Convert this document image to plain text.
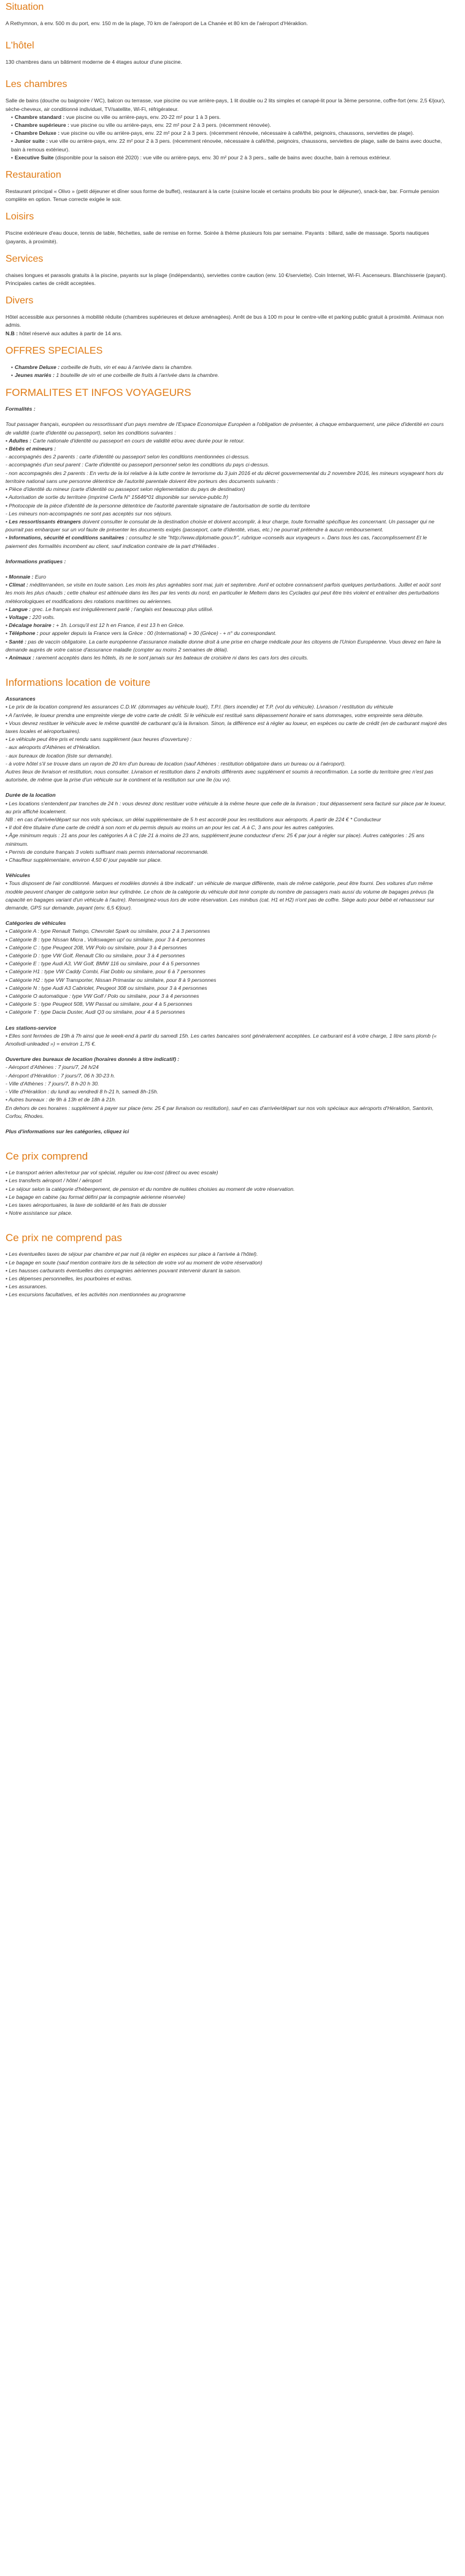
Situation

A Rethymnon, à env. 500 m du port, env. 150 m de la plage, 70 km de l'aéroport de La Chanée et 80 km de l'aéroport d'Héraklion.

L'hôtel

130 chambres dans un bâtiment moderne de 4 étages autour d'une piscine.

Les chambres

Salle de bains (douche ou baignoire / WC), balcon ou terrasse, vue piscine ou vue arrière-pays, 1 lit double ou 2 lits simples et canapé-lit pour la 3ème personne, coffre-fort (env. 2,5 €/jour), sèche-cheveux, air conditionné individuel, TV/satellite, Wi-Fi, réfrigérateur.

• Chambre standard : vue piscine ou ville ou arrière-pays, env. 20-22 m² pour 1 à 3 pers.
• Chambre supérieure : vue piscine ou ville ou arrière-pays, env. 22 m² pour 2 à 3 pers. (récemment rénovée).
• Chambre Deluxe : vue piscine ou ville ou arrière-pays, env. 22 m² pour 2 à 3 pers. (récemment rénovée, nécessaire à café/thé, peignoirs, chaussons, serviettes de plage).
• Junior suite : vue ville ou arrière-pays, env. 22 m² pour 2 à 3 pers. (récemment rénovée, nécessaire à café/thé, peignoirs, chaussons, serviettes de plage, salle de bains avec douche, bain à remous extérieur).
• Executive Suite (disponible pour la saison été 2020) : vue ville ou arrière-pays, env. 30 m² pour 2 à 3 pers., salle de bains avec douche, bain à remous extérieur.
Restauration

Restaurant principal « Olivo » (petit déjeuner et dîner sous forme de buffet), restaurant à la carte (cuisine locale et certains produits bio pour le déjeuner), snack-bar, bar. Formule pension complète en option. Tenue correcte exigée le soir.

Loisirs

Piscine extérieure d'eau douce, tennis de table, fléchettes, salle de remise en forme. Soirée à thème plusieurs fois par semaine. Payants : billard, salle de massage. Sports nautiques (payants, à proximité).

Services

chaises longues et parasols gratuits à la piscine, payants sur la plage (indépendants), serviettes contre caution (env. 10 €/serviette). Coin Internet, Wi-Fi. Ascenseurs. Blanchisserie (payant). Principales cartes de crédit acceptées.

Divers

Hôtel accessible aux personnes à mobilité réduite (chambres supérieures et deluxe aménagées). Arrêt de bus à 100 m pour le centre-ville et parking public gratuit à proximité. Animaux non admis.

N.B : hôtel réservé aux adultes à partir de 14 ans.

OFFRES SPECIALES
• Chambre Deluxe : corbeille de fruits, vin et eau à l'arrivée dans la chambre.
• Jeunes mariés : 1 bouteille de vin et une corbeille de fruits à l'arrivée dans la chambre.
FORMALITES ET INFOS VOYAGEURS

Formalités :

Tout passager français, européen ou ressortissant d'un pays membre de l'Espace Economique Européen a l'obligation de présenter, à chaque embarquement, une pièce d'identité en cours de validité (carte d'identité ou passeport), selon les conditions suivantes :

• Adultes : Carte nationale d'identité ou passeport en cours de validité et/ou avec durée pour le retour.

• Bébés et mineurs :

- accompagnés des 2 parents : carte d'identité ou passeport selon les conditions mentionnées ci-dessus.

- accompagnés d'un seul parent : Carte d'identité ou passeport personnel selon les conditions du pays ci-dessus.

- non accompagnés des 2 parents : En vertu de la loi relative à la lutte contre le terrorisme du 3 juin 2016 et du décret gouvernemental du 2 novembre 2016, les mineurs voyageant hors du territoire national sans une personne détentrice de l'autorité parentale doivent être porteurs des documents suivants :

• Pièce d'identité du mineur (carte d'identité ou passeport selon réglementation du pays de destination)

• Autorisation de sortie du territoire (imprimé Cerfa N° 15646*01 disponible sur service-public.fr)

• Photocopie de la pièce d'identité de la personne détentrice de l'autorité parentale signataire de l'autorisation de sortie du territoire

- Les mineurs non-accompagnés ne sont pas acceptés sur nos séjours.

• Les ressortissants étrangers doivent consulter le consulat de la destination choisie et doivent accomplir, à leur charge, toute formalité spécifique les concernant. Un passager qui ne pourrait pas embarquer sur un vol faute de présenter les documents exigés (passeport, carte d'identité, visas, etc.) ne pourrait prétendre à aucun remboursement.

• Informations, sécurité et conditions sanitaires : consultez le site "http://www.diplomatie.gouv.fr", rubrique «conseils aux voyageurs ». Dans tous les cas, l'accomplissement Et le paiement des formalités incombent au client, sauf indication contraire de la part d'Héliades .

Informations pratiques :

• Monnaie : Euro

• Climat : méditerranéen, se visite en toute saison. Les mois les plus agréables sont mai, juin et septembre. Avril et octobre connaissent parfois quelques perturbations. Juillet et août sont les mois les plus chauds ; cette chaleur est atténuée dans les îles par les vents du nord, en particulier le Meltem dans les Cyclades qui peut être très violent et entraîner des perturbations météorologiques et modifications des rotations maritimes ou aériennes.

• Langue : grec. Le français est irrégulièrement parlé ; l'anglais est beaucoup plus utilisé.

• Voltage : 220 volts.

• Décalage horaire : + 1h. Lorsqu'il est 12 h en France, il est 13 h en Grèce.

• Téléphone : pour appeler depuis la France vers la Grèce : 00 (International) + 30 (Grèce) - + n° du correspondant.

• Santé : pas de vaccin obligatoire. La carte européenne d'assurance maladie donne droit à une prise en charge médicale pour les citoyens de l'Union Européenne. Vous devez en faire la demande auprès de votre caisse d'assurance maladie (compter au moins 2 semaines de délai).

• Animaux : rarement acceptés dans les hôtels, ils ne le sont jamais sur les bateaux de croisière ni dans les cars lors des circuits.

Informations location de voiture

Assurances

• Le prix de la location comprend les assurances C.D.W. (dommages au véhicule loué), T.P.I. (tiers incendie) et T.P. (vol du véhicule). Livraison / restitution du véhicule

• A l'arrivée, le loueur prendra une empreinte vierge de votre carte de crédit. Si le véhicule est restitué sans dépassement horaire et sans dommages, votre empreinte sera détruite.

• Vous devrez restituer le véhicule avec le même quantité de carburant qu'à la livraison. Sinon, la différence est à régler au loueur, en espèces ou carte de crédit (en de carburant majoré des taxes locales et aéroportuaires).

• Le véhicule peut être pris et rendu sans supplément (aux heures d'ouverture) :

- aux aéroports d'Athènes et d'Héraklion.

- aux bureaux de location (liste sur demande).

- à votre hôtel s'il se trouve dans un rayon de 20 km d'un bureau de location (sauf Athènes : restitution obligatoire dans un bureau ou à l'aéroport).

Autres lieux de livraison et restitution, nous consulter. Livraison et restitution dans 2 endroits différents avec supplément et soumis à reconfirmation. La sortie du territoire grec n'est pas autorisée, de même que la prise d'un véhicule sur le continent et la restitution sur une île (ou vv).

Durée de la location

• Les locations s'entendent par tranches de 24 h : vous devrez donc restituer votre véhicule à la même heure que celle de la livraison ; tout dépassement sera facturé sur place par le loueur, au prix affiché localement.

NB : en cas d'arrivée/départ sur nos vols spéciaux, un délai supplémentaire de 5 h est accordé pour les restitutions aux aéroports. A partir de 224 € * Conducteur

• Il doit être titulaire d'une carte de crédit à son nom et du permis depuis au moins un an pour les cat. A à C, 3 ans pour les autres catégories.

• Âge minimum requis : 21 ans pour les catégories A à C (de 21 à moins de 23 ans, supplément jeune conducteur d'env. 25 € par jour à régler sur place). Autres catégories : 25 ans minimum.

• Permis de conduire français 3 volets suffisant mais permis international recommandé.

• Chauffeur supplémentaire, environ 4,50 €/ jour payable sur place.

Véhicules

• Tous disposent de l'air conditionné. Marques et modèles donnés à titre indicatif : un véhicule de marque différente, mais de même catégorie, peut être fourni. Des voitures d'un même modèle peuvent changer de catégorie selon leur cylindrée. Le choix de la catégorie du véhicule doit tenir compte du nombre de passagers mais aussi du volume de bagages prévus (la capacité en bagages variant d'un véhicule à l'autre). Renseignez-vous lors de votre réservation. Les minibus (cat. H1 et H2) n'ont pas de coffre. Siège auto pour bébé et rehausseur sur demande, GPS sur demande, payant (env. 6,5 €/jour).

Catégories de véhicules

• Catégorie A : type Renault Twingo, Chevrolet Spark ou similaire, pour 2 à 3 personnes

• Catégorie B : type Nissan Micra , Volkswagen up! ou similaire, pour 3 à 4 personnes

• Catégorie C : type Peugeot 208, VW Polo ou similaire, pour 3 à 4 personnes

• Catégorie D : type VW Golf, Renault Clio ou similaire, pour 3 à 4 personnes

• Catégorie E : type Audi A3, VW Golf, BMW 116 ou similaire, pour 4 à 5 personnes

• Catégorie H1 : type VW Caddy Combi, Fiat Doblo ou similaire, pour 6 à 7 personnes

• Catégorie H2 : type VW Transporter, Nissan Primastar ou similaire, pour 8 à 9 personnes

• Catégorie N : type Audi A3 Cabriolet, Peugeot 308 ou similaire, pour 3 à 4 personnes

• Catégorie O automatique : type VW Golf / Polo ou similaire, pour 3 à 4 personnes

• Catégorie S : type Peugeot 508, VW Passat ou similaire, pour 4 à 5 personnes

• Catégorie T : type Dacia Duster, Audi Q3 ou similaire, pour 4 à 5 personnes

Les stations-service

• Elles sont fermées de 19h à 7h ainsi que le week-end à partir du samedi 15h. Les cartes bancaires sont généralement acceptées. Le carburant est à votre charge, 1 litre sans plomb (« Amolivdi-unleaded ») = environ 1,75 €.

Ouverture des bureaux de location (horaires donnés à titre indicatif) :

- Aéroport d'Athènes : 7 jours/7, 24 h/24

- Aéroport d'Héraklion : 7 jours/7, 06 h 30-23 h.

- Ville d'Athènes : 7 jours/7, 8 h-20 h 30.

- Ville d'Héraklion : du lundi au vendredi 8 h-21 h, samedi 8h-15h.

• Autres bureaux : de 9h à 13h et de 18h à 21h.

En dehors de ces horaires : supplément à payer sur place (env. 25 € par livraison ou restitution), sauf en cas d'arrivée/départ sur nos vols spéciaux aux aéroports d'Héraklion, Santorin, Corfou, Rhodes.

Plus d'informations sur les catégories, cliquez ici

Ce prix comprend

• Le transport aérien aller/retour par vol spécial, régulier ou low-cost (direct ou avec escale)

• Les transferts aéroport / hôtel / aéroport

• Le séjour selon la catégorie d'hébergement, de pension et du nombre de nuitées choisies au moment de votre réservation.

• Le bagage en cabine (au format défini par la compagnie aérienne réservée)

• Les taxes aéroportuaires, la taxe de solidarité et les frais de dossier

• Notre assistance sur place.

Ce prix ne comprend pas

• Les éventuelles taxes de séjour par chambre et par nuit (à régler en espèces sur place à l'arrivée à l'hôtel).

• Le bagage en soute (sauf mention contraire lors de la sélection de votre vol au moment de votre réservation)

• Les hausses carburants éventuelles des compagnies aériennes pouvant intervenir durant la saison.

• Les dépenses personnelles, les pourboires et extras.

• Les assurances.

• Les excursions facultatives, et les activités non mentionnées au programme
